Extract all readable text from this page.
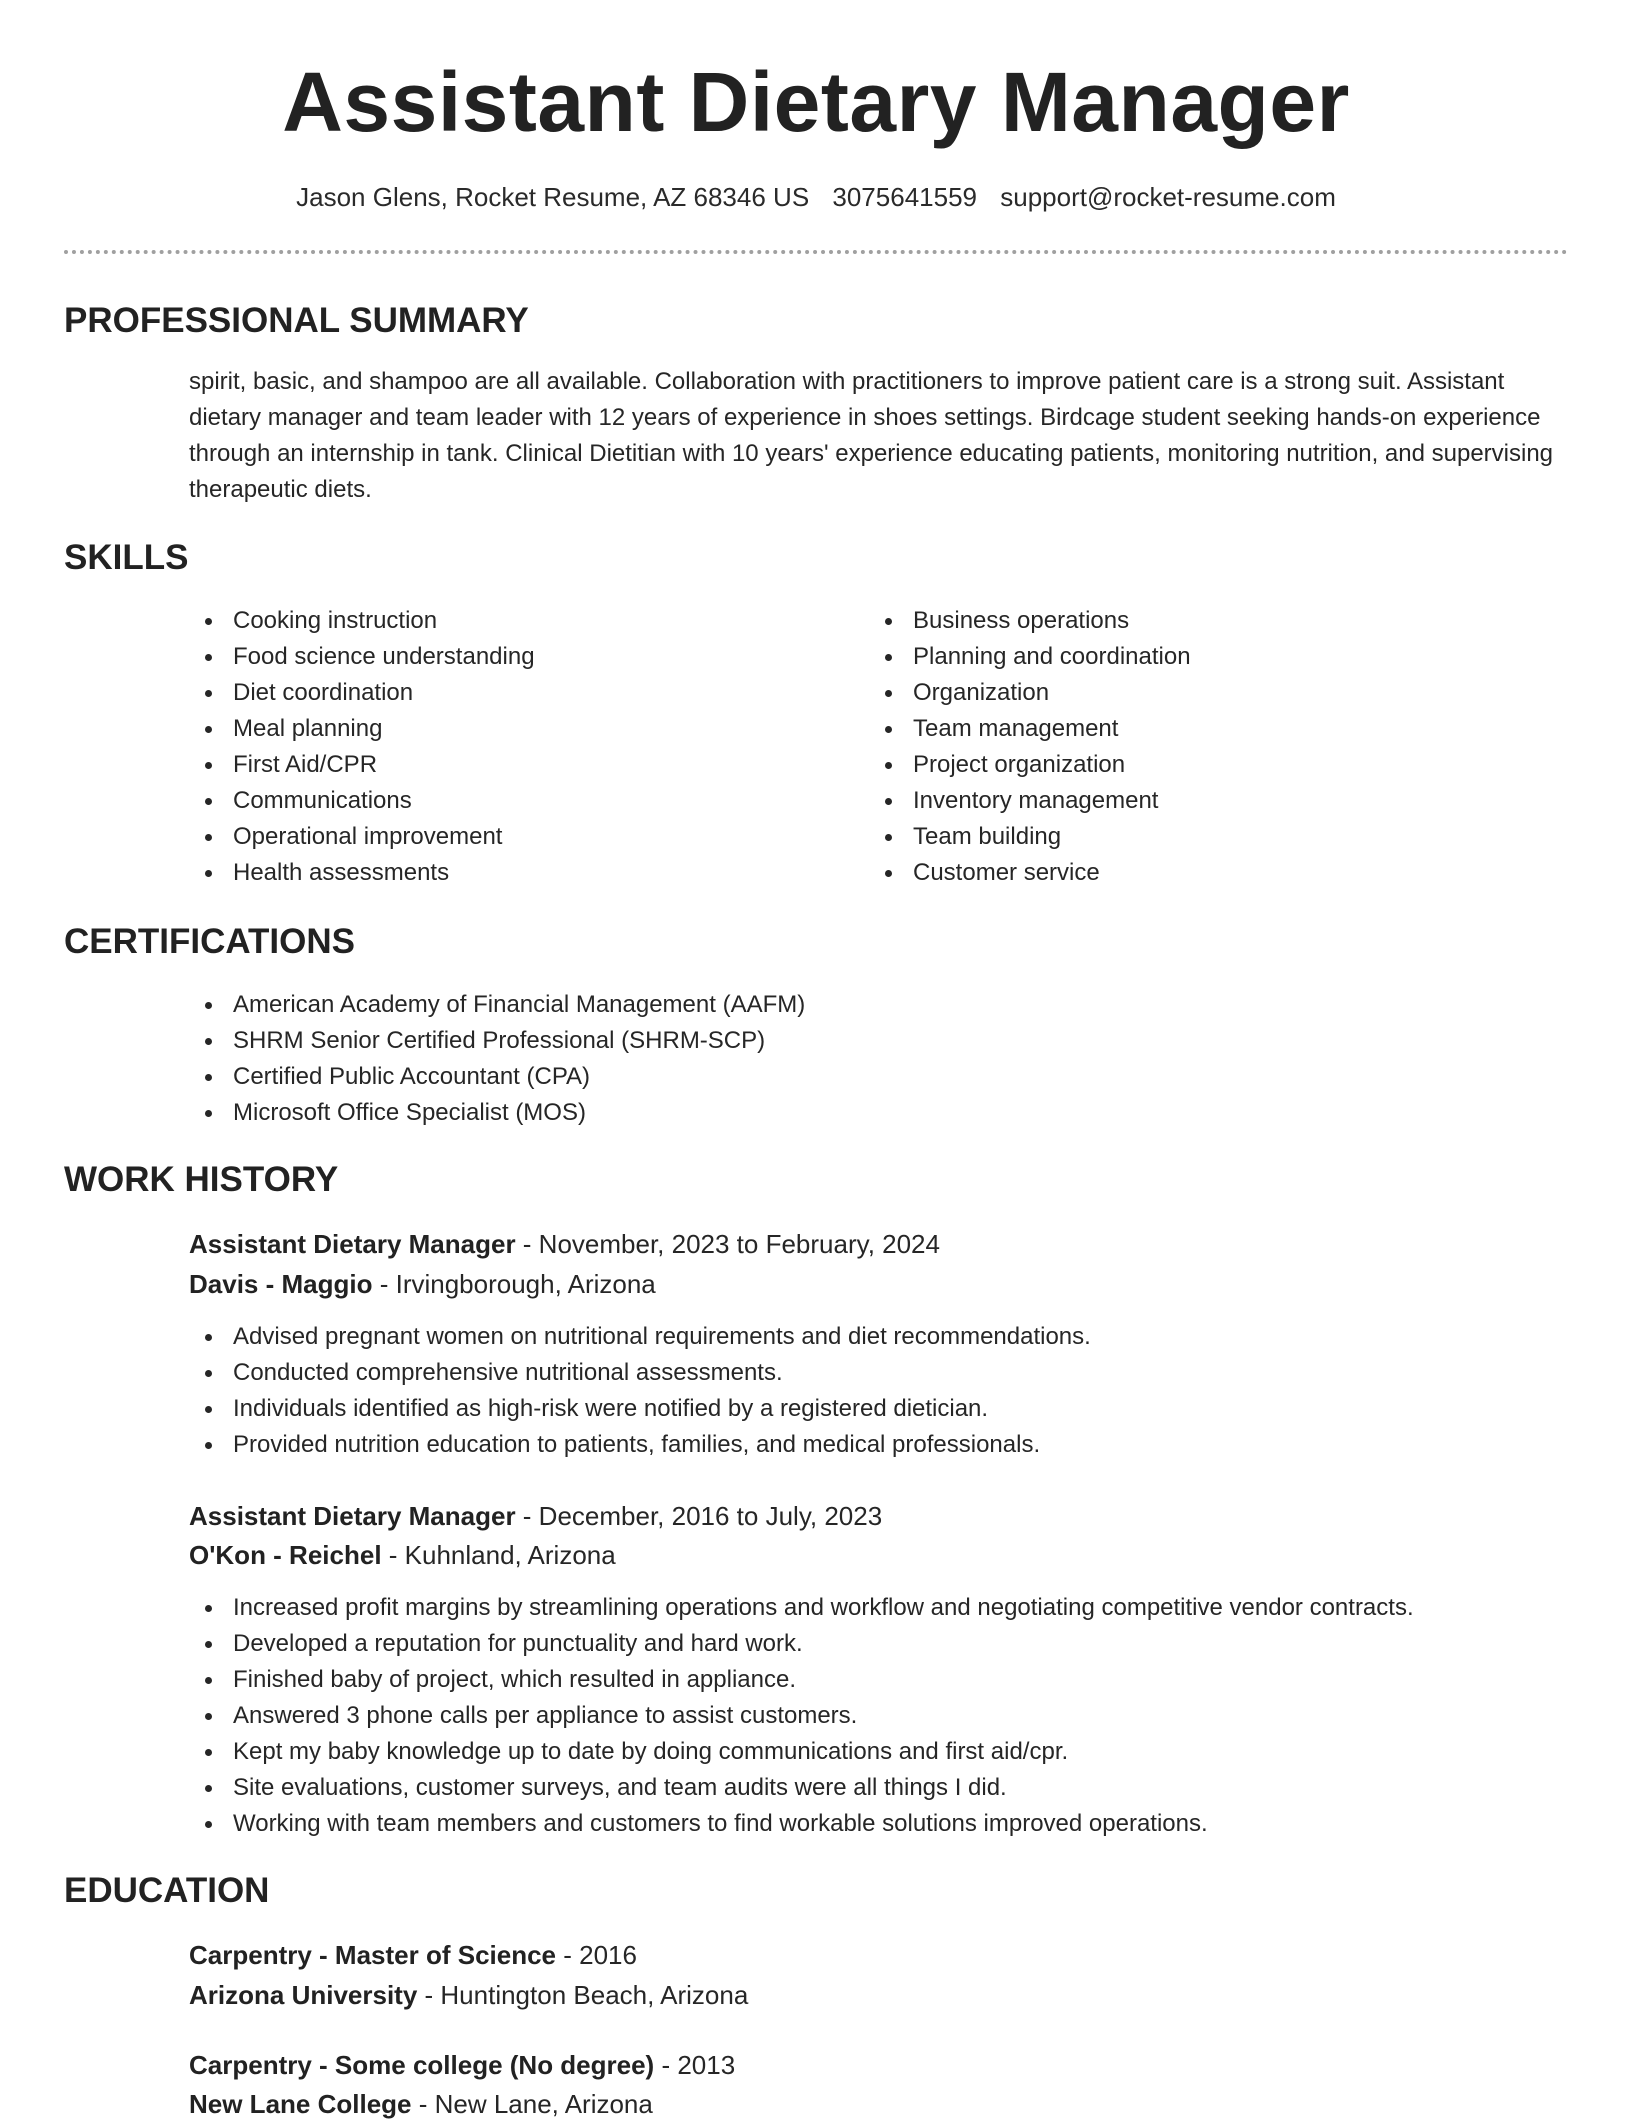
Assistant Dietary Manager
Jason Glens, Rocket Resume, AZ 68346 US 3075641559 support@rocket-resume.com
PROFESSIONAL SUMMARY

spirit, basic, and shampoo are all available. Collaboration with practitioners to improve patient care is a strong suit. Assistant dietary manager and team leader with 12 years of experience in shoes settings. Birdcage student seeking hands-on experience through an internship in tank. Clinical Dietitian with 10 years' experience educating patients, monitoring nutrition, and supervising therapeutic diets.

SKILLS
Cooking instruction
Food science understanding
Diet coordination
Meal planning
First Aid/CPR
Communications
Operational improvement
Health assessments
Business operations
Planning and coordination
Organization
Team management
Project organization
Inventory management
Team building
Customer service
CERTIFICATIONS
American Academy of Financial Management (AAFM)
SHRM Senior Certified Professional (SHRM-SCP)
Certified Public Accountant (CPA)
Microsoft Office Specialist (MOS)
WORK HISTORY
Assistant Dietary Manager - November, 2023 to February, 2024
Davis - Maggio - Irvingborough, Arizona
Advised pregnant women on nutritional requirements and diet recommendations.
Conducted comprehensive nutritional assessments.
Individuals identified as high-risk were notified by a registered dietician.
Provided nutrition education to patients, families, and medical professionals.
Assistant Dietary Manager - December, 2016 to July, 2023
O'Kon - Reichel - Kuhnland, Arizona
Increased profit margins by streamlining operations and workflow and negotiating competitive vendor contracts.
Developed a reputation for punctuality and hard work.
Finished baby of project, which resulted in appliance.
Answered 3 phone calls per appliance to assist customers.
Kept my baby knowledge up to date by doing communications and first aid/cpr.
Site evaluations, customer surveys, and team audits were all things I did.
Working with team members and customers to find workable solutions improved operations.
EDUCATION
Carpentry - Master of Science - 2016
Arizona University - Huntington Beach, Arizona
Carpentry - Some college (No degree) - 2013
New Lane College - New Lane, Arizona
